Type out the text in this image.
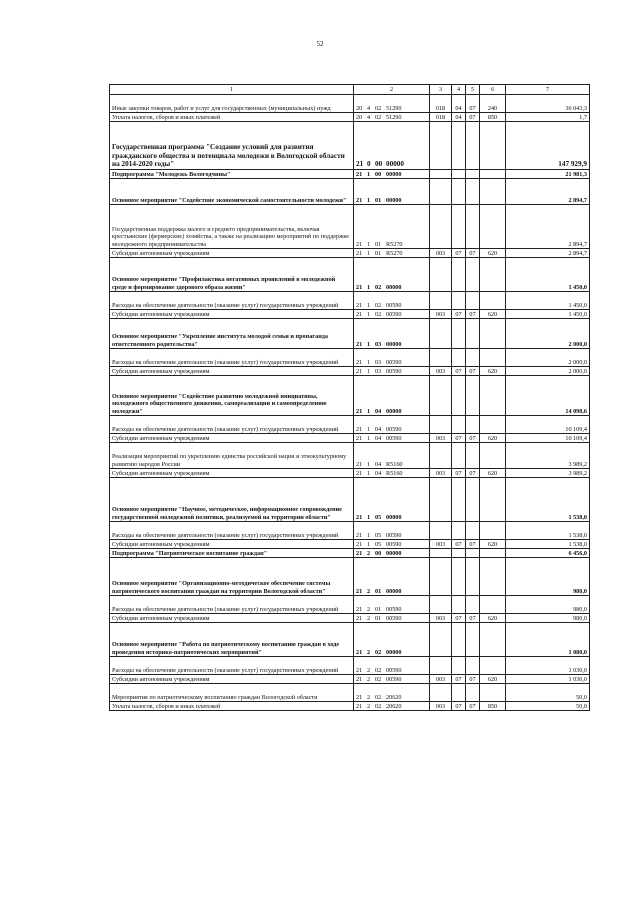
52
1	2	3	4	5	6	7
Иные закупки товаров, работ и услуг для государственных (муниципальных) нужд	20 4 02 51290	018	04	07	240	36 043,3
Уплата налогов, сборов и иных платежей	20 4 02 51290	018	04	07	850	1,7
Государственная программа "Создание условий для развития гражданского общества и потенциала молодежи в Вологодской области на 2014-2020 годы"	21 0 00 00000					147 929,9
Подпрограмма "Молодежь Вологодчины"	21 1 00 00000					21 981,3
Основное мероприятие "Содействие экономической самостоятельности молодежи"	21 1 01 00000					2 894,7
Государственная поддержка малого и среднего предпринимательства, включая крестьянские (фермерские) хозяйства, а также на реализацию мероприятий по поддержке молодежного предпринимательства	21 1 01 R5270					2 894,7
Субсидии автономным учреждениям	21 1 01 R5270	003	07	07	620	2 894,7
Основное мероприятие "Профилактика негативных проявлений в молодежной среде и формирование здорового образа жизни"	21 1 02 00000					1 450,0
Расходы на обеспечение деятельности (оказание услуг) государственных учреждений	21 1 02 00590					1 450,0
Субсидии автономным учреждениям	21 1 02 00590	003	07	07	620	1 450,0
Основное мероприятие "Укрепление института молодой семьи и пропаганда ответственного родительства"	21 1 03 00000					2 000,0
Расходы на обеспечение деятельности (оказание услуг) государственных учреждений	21 1 03 00590					2 000,0
Субсидии автономным учреждениям	21 1 03 00590	003	07	07	620	2 000,0
Основное мероприятие "Содействие развитию молодежной инициативы, молодежного общественного движения, самореализации и самоопределению молодежи"	21 1 04 00000					14 098,6
Расходы на обеспечение деятельности (оказание услуг) государственных учреждений	21 1 04 00590					10 109,4
Субсидии автономным учреждениям	21 1 04 00590	003	07	07	620	10 109,4
Реализация мероприятий по укреплению единства российской нации и этнокультурному развитию народов России	21 1 04 R5160					3 989,2
Субсидии автономным учреждениям	21 1 04 R5160	003	07	07	620	3 989,2
Основное мероприятие "Научное, методическое, информационное сопровождение государственной молодежной политики, реализуемой на территории области"	21 1 05 00000					1 538,0
Расходы на обеспечение деятельности (оказание услуг) государственных учреждений	21 1 05 00590					1 538,0
Субсидии автономным учреждениям	21 1 05 00590	003	07	07	620	1 538,0
Подпрограмма "Патриотическое воспитание граждан"	21 2 00 00000					6 456,0
Основное мероприятие "Организационно-методическое обеспечение системы патриотического воспитания граждан на территории Вологодской области"	21 2 01 00000					980,0
Расходы на обеспечение деятельности (оказание услуг) государственных учреждений	21 2 01 00590					980,0
Субсидии автономным учреждениям	21 2 01 00590	003	07	07	620	980,0
Основное мероприятие "Работа по патриотическому воспитанию граждан в ходе проведения историко-патриотических мероприятий"	21 2 02 00000					1 080,0
Расходы на обеспечение деятельности (оказание услуг) государственных учреждений	21 2 02 00590					1 030,0
Субсидии автономным учреждениям	21 2 02 00590	003	07	07	620	1 030,0
Мероприятия по патриотическому воспитанию граждан Вологодской области	21 2 02 20620					50,0
Уплата налогов, сборов и иных платежей	21 2 02 20620	003	07	07	850	50,0
